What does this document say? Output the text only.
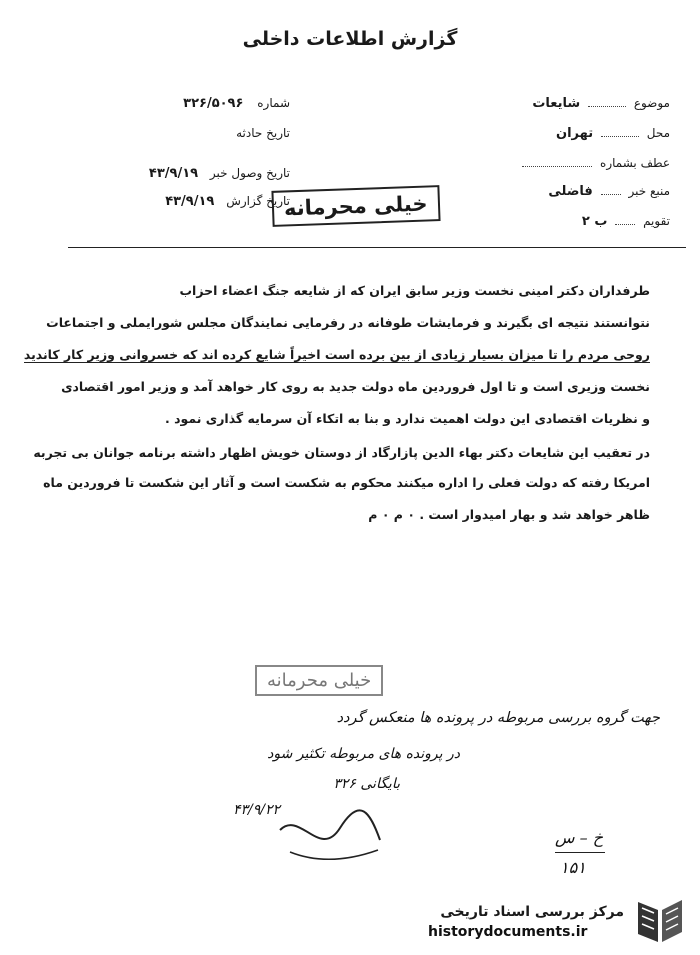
گزارش اطلاعات داخلی
موضوع  شایعات
محل  تهران
عطف بشماره
منبع خبر  فاضلی
تقویم  ب ۲
شماره ۳۲۶/۵۰۹۶
تاریخ حادثه
تاریخ وصول خبر ۴۳/۹/۱۹
تاریخ گزارش ۴۳/۹/۱۹	خیلی محرمانه
طرفداران دکتر امینی نخست وزیر سابق ایران که از شایعه جنگ اعضاء احزاب
نتوانستند نتیجه ای بگیرند و فرمایشات طوفانه در رفرمایی نمایندگان مجلس شورایملی و اجتماعات
روحی مردم را تا میزان بسیار زیادی از بین برده است اخیراً شایع کرده اند که خسروانی وزیر کار کاندید
نخست وزیری است و تا اول فروردین ماه دولت جدید به روی کار خواهد آمد و وزیر امور اقتصادی
و نظریات اقتصادی این دولت اهمیت ندارد و بنا به اتکاء آن سرمایه گذاری نمود .
در تعقیب این شایعات دکتر بهاء الدین پازارگاد از دوستان خویش اظهار داشته برنامه جوانان بی تجربه
امریکا رفته که دولت فعلی را اداره میکنند محکوم به شکست است و آثار این شکست تا فروردین ماه
ظاهر خواهد شد و بهار امیدوار است . ۰ م ۰ م
خیلی محرمانه
جهت گروه بررسی مربوطه در پرونده ها منعکس گردد
در پرونده های مربوطه تکثیر شود
بایگانی ۳۲۶
۴۳/۹/۲۲
خ – س
۱۵۱
مرکز بررسی اسناد تاریخی
historydocuments.ir
